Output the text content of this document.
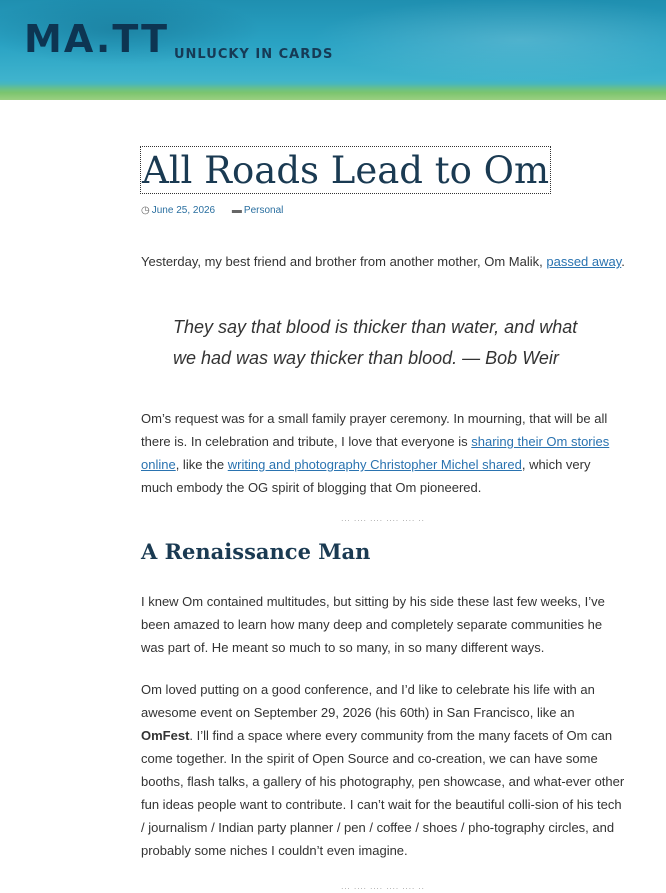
MA.TT UNLUCKY IN CARDS
All Roads Lead to Om
◷ June 25, 2026 ▬ Personal

Yesterday, my best friend and brother from another mother, Om Malik, passed away.

They say that blood is thicker than water, and what we had was way thicker than blood. — Bob Weir

Om’s request was for a small family prayer ceremony. In mourning, that will be all there is. In celebration and tribute, I love that everyone is sharing their Om stories online, like the writing and photography Christopher Michel shared, which very much embody the OG spirit of blogging that Om pioneered.

... .... .... .... .... ..
A Renaissance Man

I knew Om contained multitudes, but sitting by his side these last few weeks, I’ve been amazed to learn how many deep and completely separate communities he was part of. He meant so much to so many, in so many different ways.

Om loved putting on a good conference, and I’d like to celebrate his life with an awesome event on September 29, 2026 (his 60th) in San Francisco, like an OmFest. I’ll find a space where every community from the many facets of Om can come together. In the spirit of Open Source and co-creation, we can have some booths, flash talks, a gallery of his photography, pen showcase, and what-ever other fun ideas people want to contribute. I can’t wait for the beautiful colli-sion of his tech / journalism / Indian party planner / pen / coffee / shoes / pho-tography circles, and probably some niches I couldn’t even imagine.

... .... .... .... .... ..
